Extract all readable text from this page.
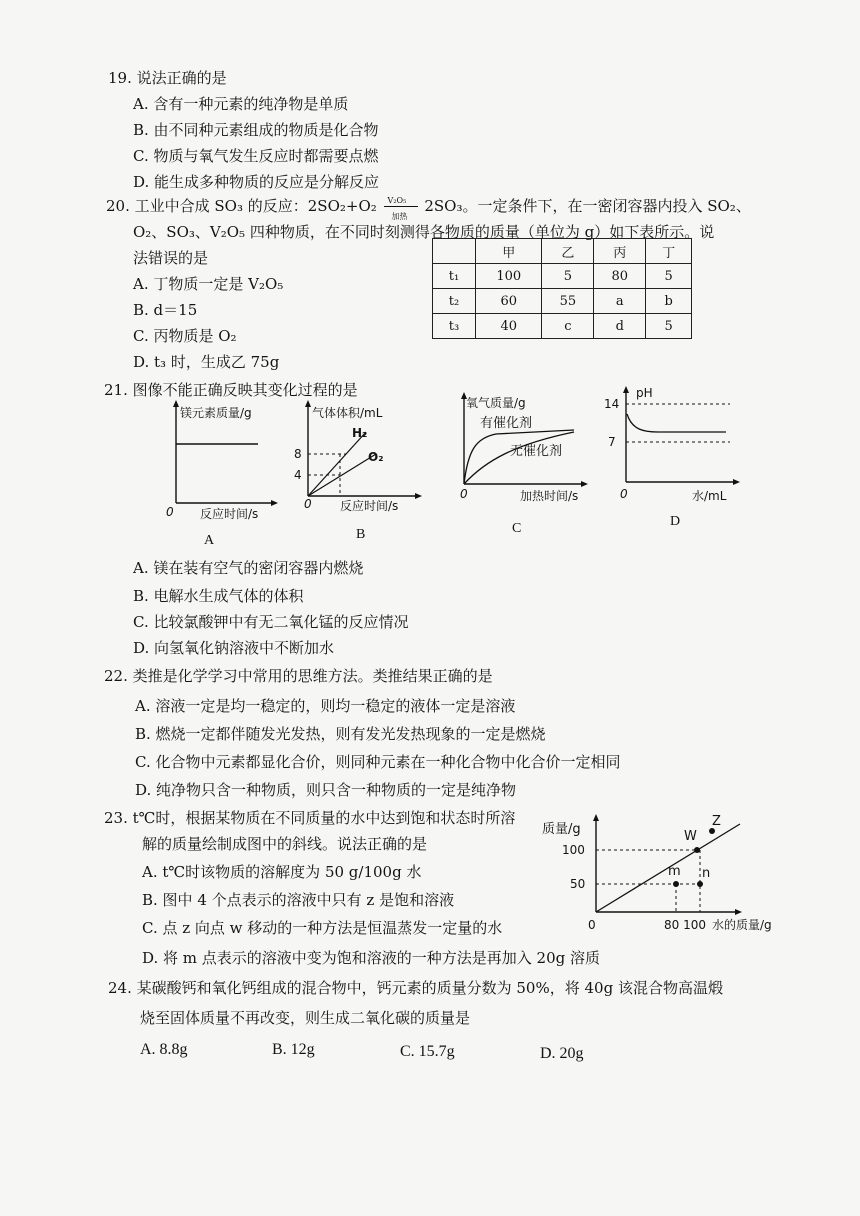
19. 说法正确的是
A. 含有一种元素的纯净物是单质
B. 由不同种元素组成的物质是化合物
C. 物质与氧气发生反应时都需要点燃
D. 能生成多种物质的反应是分解反应
20. 工业中合成 SO₃ 的反应：2SO₂+O₂ V₂O₅
加热
2SO₃。一定条件下，在一密闭容器内投入 SO₂、
O₂、SO₃、V₂O₅ 四种物质，在不同时刻测得各物质的质量（单位为 g）如下表所示。说
法错误的是
A. 丁物质一定是 V₂O₅
B. d＝15
C. 丙物质是 O₂
D. t₃ 时，生成乙 75g
	甲	乙	丙	丁
t₁	100	5	80	5
t₂	60	55	a	b
t₃	40	c	d	5
21. 图像不能正确反映其变化过程的是
镁元素质量/g
0 反应时间/s
A
气体体积/mL
8
4
H₂
O₂
0 反应时间/s
B
氧气质量/g
有催化剂
无催化剂
0	加热时间/s
C
pH
14
7
0	水/mL
D
A. 镁在装有空气的密闭容器内燃烧
B. 电解水生成气体的体积
C. 比较氯酸钾中有无二氧化锰的反应情况
D. 向氢氧化钠溶液中不断加水
22. 类推是化学学习中常用的思维方法。类推结果正确的是
A. 溶液一定是均一稳定的，则均一稳定的液体一定是溶液
B. 燃烧一定都伴随发光发热，则有发光发热现象的一定是燃烧
C. 化合物中元素都显化合价，则同种元素在一种化合物中化合价一定相同
D. 纯净物只含一种物质，则只含一种物质的一定是纯净物
23. t℃时，根据某物质在不同质量的水中达到饱和状态时所溶
解的质量绘制成图中的斜线。说法正确的是
A. t℃时该物质的溶解度为 50 g/100g 水
B. 图中 4 个点表示的溶液中只有 z 是饱和溶液
C. 点 z 向点 w 移动的一种方法是恒温蒸发一定量的水
D. 将 m 点表示的溶液中变为饱和溶液的一种方法是再加入 20g 溶质
质量/g
100
50
W
Z
m n
0	80 100 水的质量/g
24. 某碳酸钙和氧化钙组成的混合物中，钙元素的质量分数为 50%，将 40g 该混合物高温煅
烧至固体质量不再改变，则生成二氧化碳的质量是
A. 8.8g	B. 12g	C. 15.7g	D. 20g
